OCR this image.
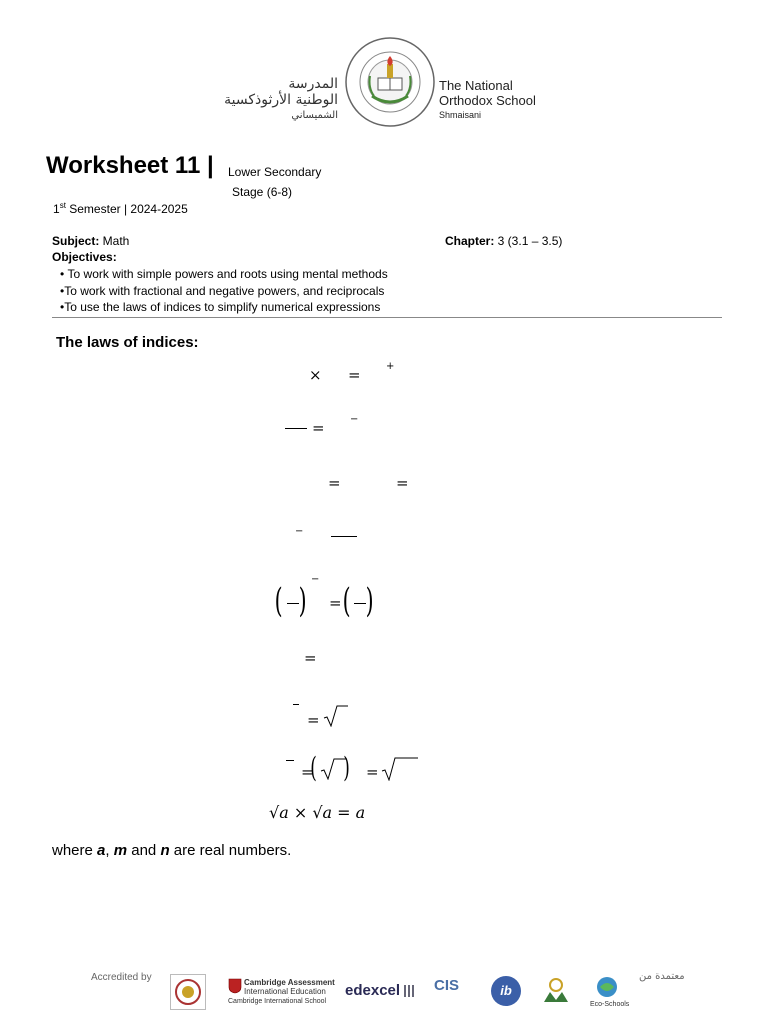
المدرسة
الوطنية الأرثوذكسية
الشميساني
The National
Orthodox School
Shmaisani
Worksheet 11 | Lower Secondary
Stage (6-8)
1st Semester | 2024-2025
Subject: Math	Chapter: 3 (3.1 – 3.5)
Objectives:
• To work with simple powers and roots using mental methods
•To work with fractional and negative powers, and reciprocals
•To use the laws of indices to simplify numerical expressions
The laws of indices:
× =	+
=	−
=	=
−
( )
−
= ( )
=
=
=
( ) =
√a × √a = a
where a, m and n are real numbers.
Accredited by	Cambridge Assessment
International Education
Cambridge International School
edexcel CIS	ib
Eco-Schools
معتمدة من
